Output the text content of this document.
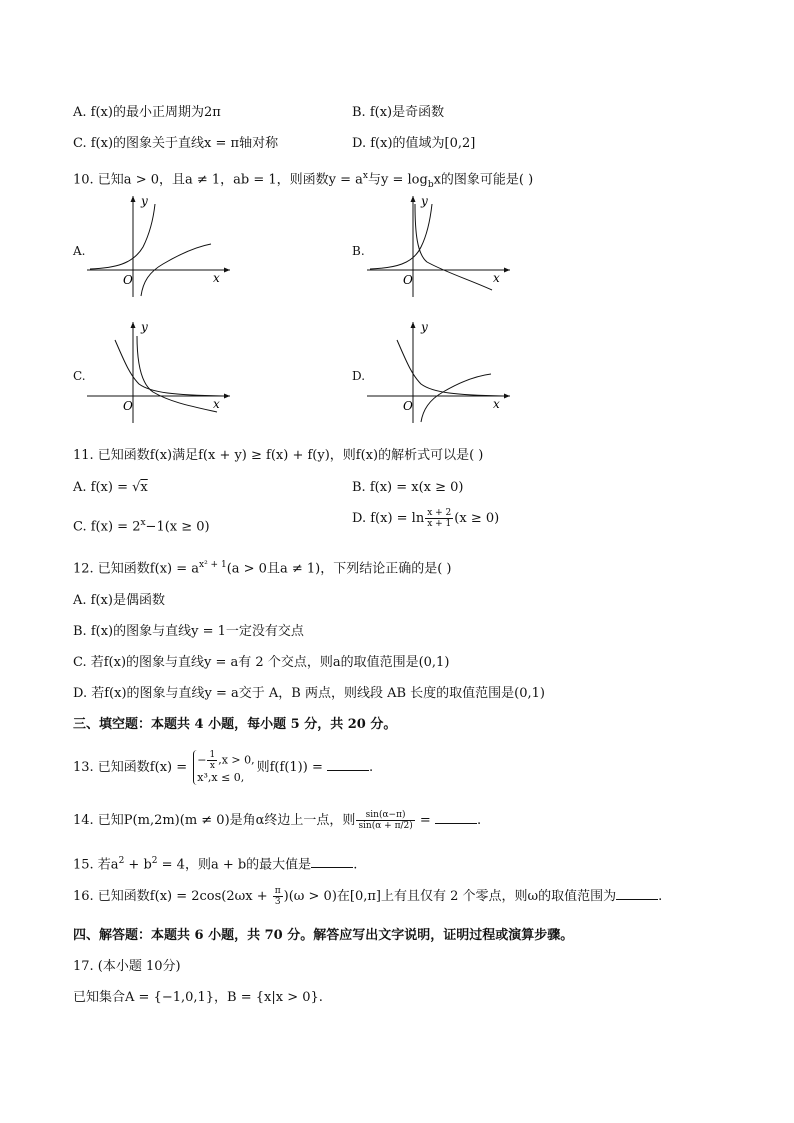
A. f(x)的最小正周期为2π	B. f(x)是奇函数
C. f(x)的图象关于直线x = π轴对称	D. f(x)的值域为[0,2]
10. 已知a > 0，且a ≠ 1，ab = 1，则函数$y = a^x$与$y = \log_bx$的图象可能是( )
A.
y
x
O
B.
y
x
O
C.
y
x
O
D.
y
x
O
11. 已知函数f(x)满足f(x + y) ≥ f(x) + f(y)，则f(x)的解析式可以是( )
A. f(x) = √x	B. f(x) = x(x ≥ 0)
C. $f(x) = 2^x-1(x \ge 0)$
D. $f(x) = \ln \frac{x + 2}{x + 1} (x \ge 0)$
12. 已知函数$f(x) = a^{x^2 + 1}(a > 0$且a ≠ 1)，下列结论正确的是( )
A. f(x)是偶函数
B. f(x)的图象与直线y = 1一定没有交点
C. 若f(x)的图象与直线y = a有 2 个交点，则a的取值范围是(0,1)
D. 若f(x)的图象与直线y = a交于 A，B 两点，则线段 AB 长度的取值范围是(0,1)
三、填空题：本题共 4 小题，每小题 5 分，共 20 分。
13. 已知函数f(x) = − $\frac{1}{x} ,x > 0$,
x³,x ≤ 0,
则f(f(1)) =	.
14. 已知P(m,2m)(m ≠ 0)是角α终边上一点，则 $\frac{\sin(\alpha-\pi)}{\sin(\alpha + \pi/2)}$ =	.
15. 若$a^2 + b^2 = 4$，则a + b的最大值是	.
16. 已知函数$f(x) = 2\cos(2\omega x + \frac{\pi}{3} )(\omega > 0)$在[0,π]上有且仅有 2 个零点，则ω的取值范围为	.
四、解答题：本题共 6 小题，共 70 分。解答应写出文字说明，证明过程或演算步骤。
17. (本小题 10分)
已知集合A = {−1,0,1}，B = {x|x > 0}.
